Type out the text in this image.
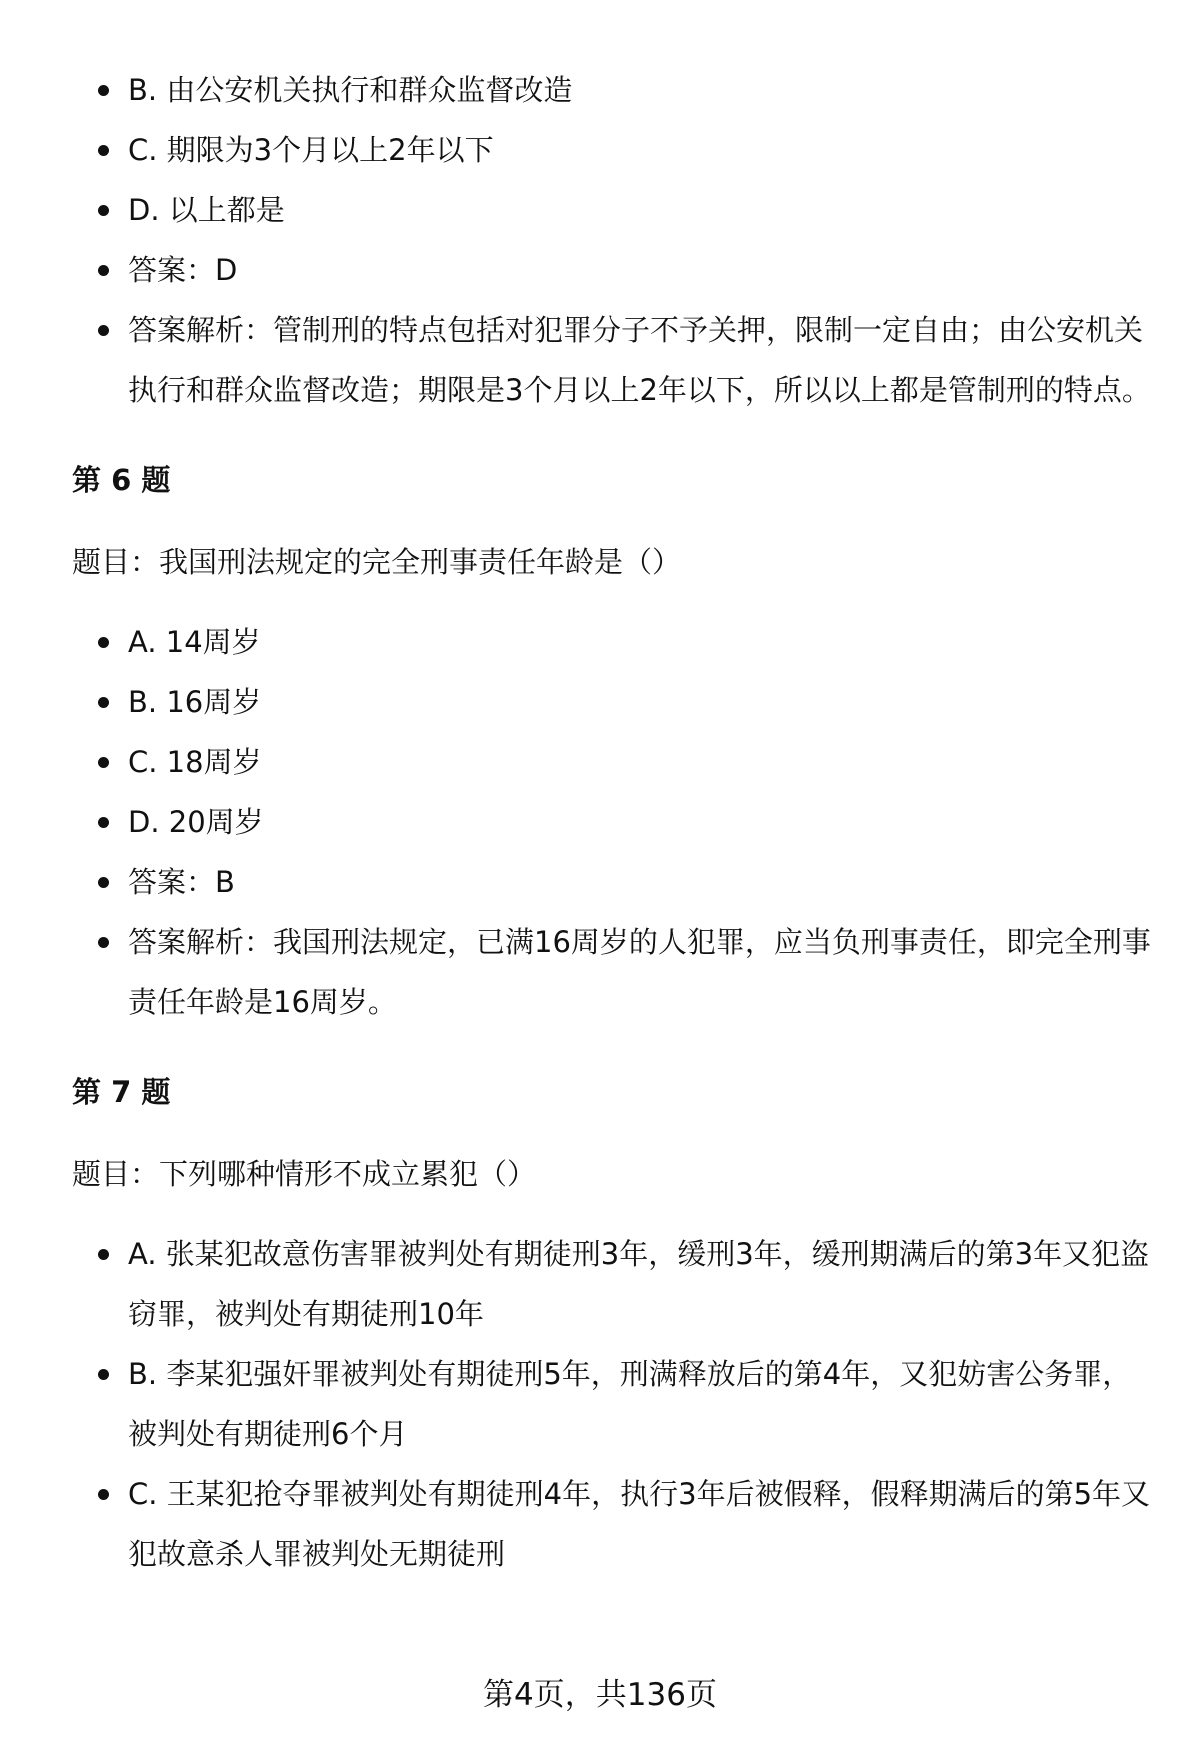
B. 由公安机关执行和群众监督改造
C. 期限为3个月以上2年以下
D. 以上都是
答案：D
答案解析：管制刑的特点包括对犯罪分子不予关押，限制一定自由；由公安机关执行和群众监督改造；期限是3个月以上2年以下，所以以上都是管制刑的特点。

第 6 题

题目：我国刑法规定的完全刑事责任年龄是（）

A. 14周岁
B. 16周岁
C. 18周岁
D. 20周岁
答案：B
答案解析：我国刑法规定，已满16周岁的人犯罪，应当负刑事责任，即完全刑事责任年龄是16周岁。

第 7 题

题目：下列哪种情形不成立累犯（）

A. 张某犯故意伤害罪被判处有期徒刑3年，缓刑3年，缓刑期满后的第3年又犯盗窃罪，被判处有期徒刑10年
B. 李某犯强奸罪被判处有期徒刑5年，刑满释放后的第4年，又犯妨害公务罪，被判处有期徒刑6个月
C. 王某犯抢夺罪被判处有期徒刑4年，执行3年后被假释，假释期满后的第5年又犯故意杀人罪被判处无期徒刑
第4页，共136页
